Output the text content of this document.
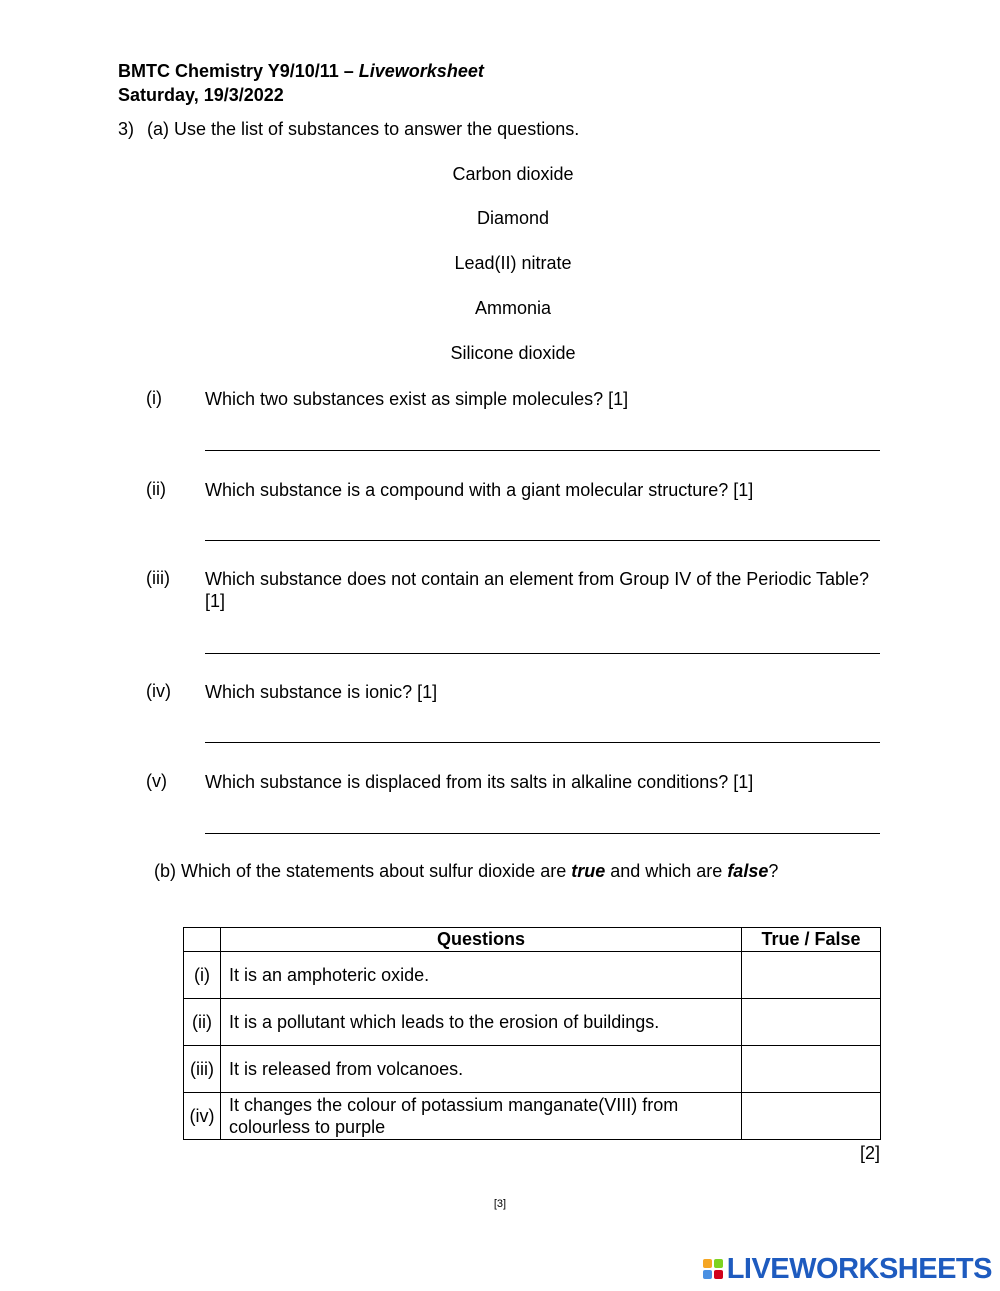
BMTC Chemistry Y9/10/11 – Liveworksheet
Saturday, 19/3/2022
3) (a) Use the list of substances to answer the questions.
Carbon dioxide
Diamond
Lead(II) nitrate
Ammonia
Silicone dioxide
(i) Which two substances exist as simple molecules? [1]
(ii) Which substance is a compound with a giant molecular structure? [1]
(iii) Which substance does not contain an element from Group IV of the Periodic Table? [1]
(iv) Which substance is ionic? [1]
(v) Which substance is displaced from its salts in alkaline conditions? [1]
(b) Which of the statements about sulfur dioxide are true and which are false?
	Questions	True / False
(i)	It is an amphoteric oxide.	
(ii)	It is a pollutant which leads to the erosion of buildings.	
(iii)	It is released from volcanoes.	
(iv)	It changes the colour of potassium manganate(VIII) from colourless to purple	
[2]
[3]
LIVEWORKSHEETS
